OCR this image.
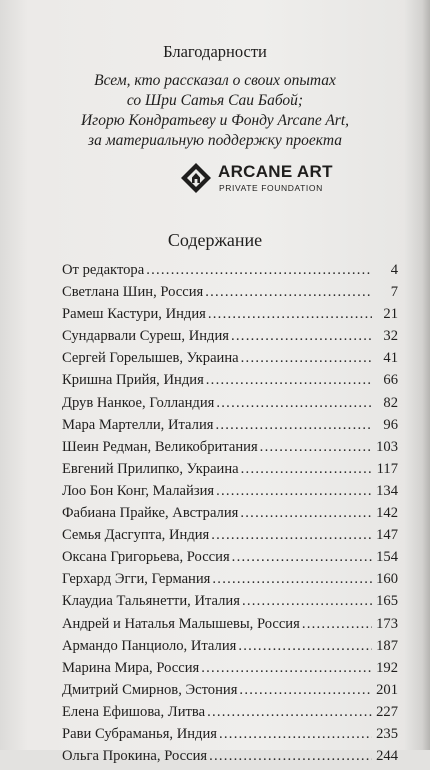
Благодарности
Всем, кто рассказал о своих опытах
со Шри Сатья Саи Бабой;
Игорю Кондратьеву и Фонду Arcane Art,
за материальную поддержку проекта
ARCANE ART
PRIVATE FOUNDATION
Содержание
От редактора . . .	4
Светлана Шин, Россия . . .	7
Рамеш Кастури, Индия . . .	21
Сундарвали Суреш, Индия . . .	32
Сергей Горелышев, Украина . . .	41
Кришна Прийя, Индия . . .	66
Друв Нанкое, Голландия . . .	82
Мара Мартелли, Италия . . .	96
Шеин Редман, Великобритания . . .	103
Евгений Прилипко, Украина . . .	117
Лоо Бон Конг, Малайзия . . .	134
Фабиана Прайке, Австралия . . .	142
Семья Дасгупта, Индия . . .	147
Оксана Григорьева, Россия . . .	154
Герхард Эгги, Германия . . .	160
Клаудиа Тальянетти, Италия . . .	165
Андрей и Наталья Малышевы, Россия . . .	173
Армандо Панциоло, Италия . . .	187
Марина Мира, Россия . . .	192
Дмитрий Смирнов, Эстония . . .	201
Елена Ефишова, Литва . . .	227
Рави Субраманья, Индия . . .	235
Ольга Прокина, Россия . . .	244
